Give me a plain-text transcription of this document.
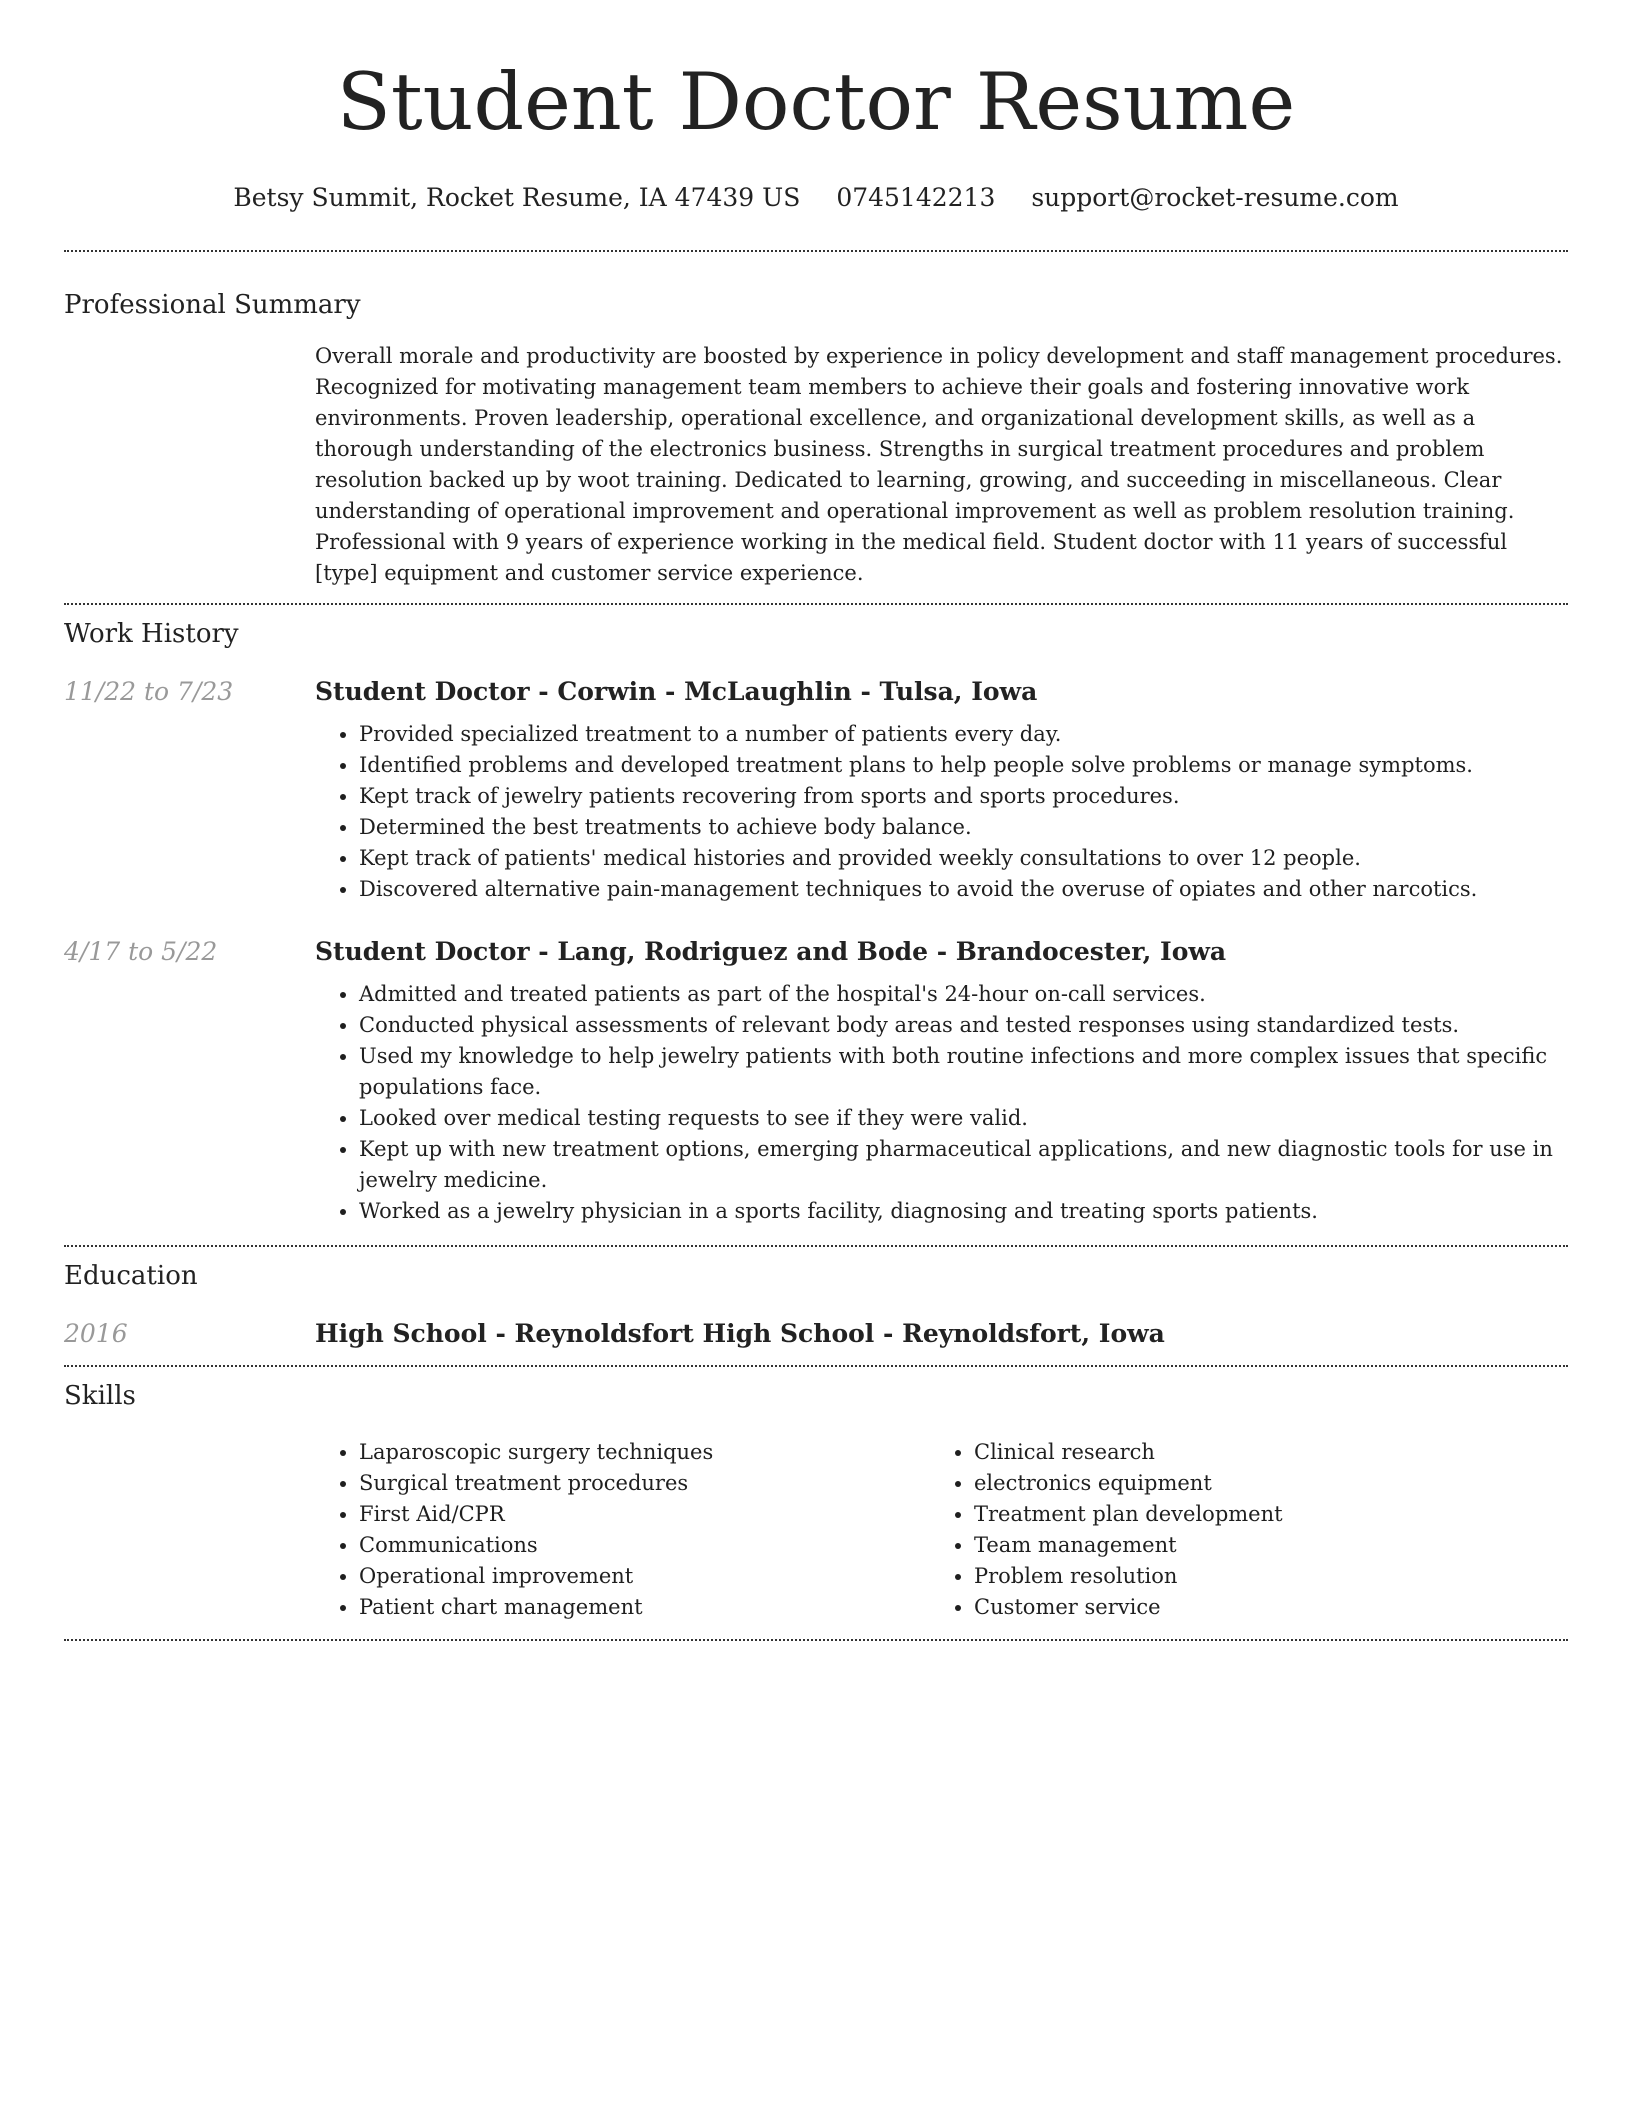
Student Doctor Resume
Betsy Summit, Rocket Resume, IA 47439 US 0745142213 support@rocket-resume.com
Professional Summary

Overall morale and productivity are boosted by experience in policy development and staff management procedures. Recognized for motivating management team members to achieve their goals and fostering innovative work environments. Proven leadership, operational excellence, and organizational development skills, as well as a thorough understanding of the electronics business. Strengths in surgical treatment procedures and problem resolution backed up by woot training. Dedicated to learning, growing, and succeeding in miscellaneous. Clear understanding of operational improvement and operational improvement as well as problem resolution training. Professional with 9 years of experience working in the medical field. Student doctor with 11 years of successful [type] equipment and customer service experience.

Work History
11/22 to 7/23	Student Doctor - Corwin - McLaughlin - Tulsa, Iowa
• Provided specialized treatment to a number of patients every day.
• Identified problems and developed treatment plans to help people solve problems or manage symptoms.
• Kept track of jewelry patients recovering from sports and sports procedures.
• Determined the best treatments to achieve body balance.
• Kept track of patients' medical histories and provided weekly consultations to over 12 people.
• Discovered alternative pain-management techniques to avoid the overuse of opiates and other narcotics.
4/17 to 5/22	Student Doctor - Lang, Rodriguez and Bode - Brandocester, Iowa
• Admitted and treated patients as part of the hospital's 24-hour on-call services.
• Conducted physical assessments of relevant body areas and tested responses using standardized tests.
• Used my knowledge to help jewelry patients with both routine infections and more complex issues that specific populations face.
• Looked over medical testing requests to see if they were valid.
• Kept up with new treatment options, emerging pharmaceutical applications, and new diagnostic tools for use in jewelry medicine.
• Worked as a jewelry physician in a sports facility, diagnosing and treating sports patients.
Education
2016	High School - Reynoldsfort High School - Reynoldsfort, Iowa
Skills
• Laparoscopic surgery techniques
• Surgical treatment procedures
• First Aid/CPR
• Communications
• Operational improvement
• Patient chart management
• Clinical research
• electronics equipment
• Treatment plan development
• Team management
• Problem resolution
• Customer service
